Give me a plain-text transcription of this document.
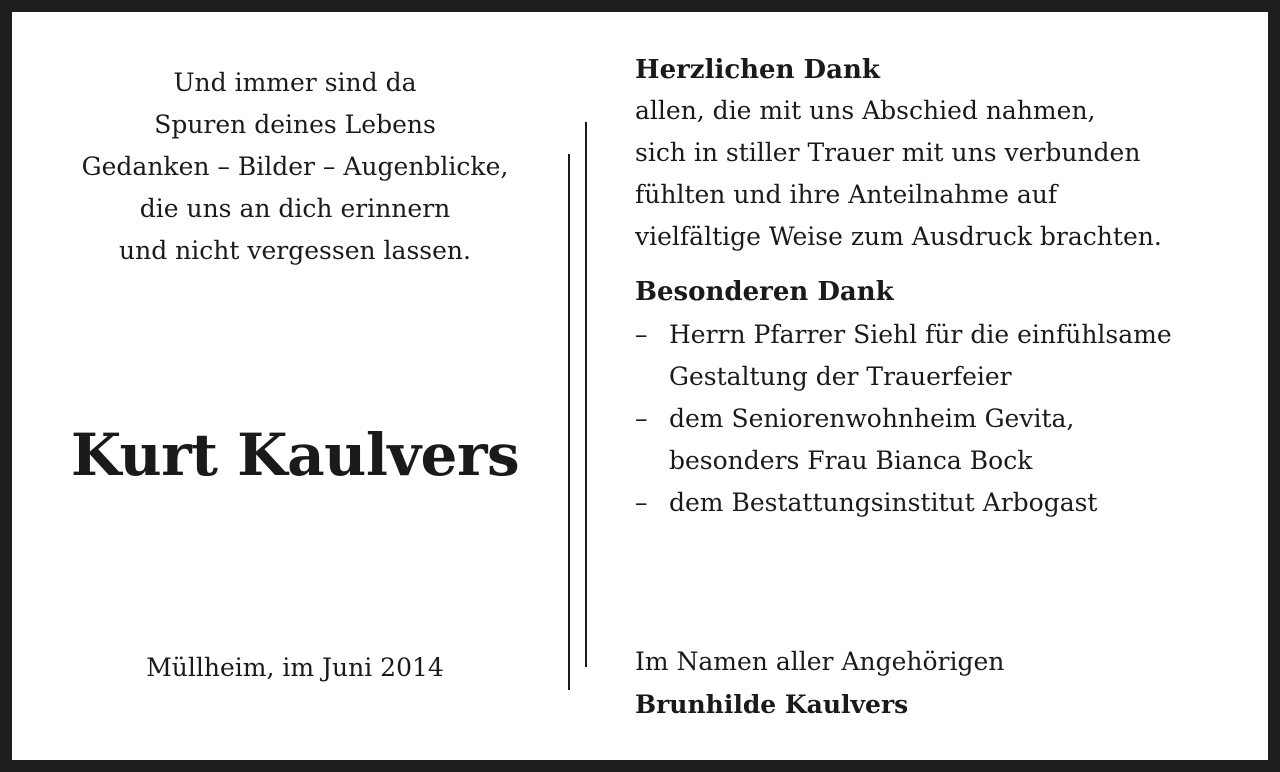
Und immer sind da
Spuren deines Lebens
Gedanken – Bilder – Augenblicke,
die uns an dich erinnern
und nicht vergessen lassen.
Kurt Kaulvers
Müllheim, im Juni 2014
Herzlichen Dank
allen, die mit uns Abschied nahmen,
sich in stiller Trauer mit uns verbunden
fühlten und ihre Anteilnahme auf
vielfältige Weise zum Ausdruck brachten.
Besonderen Dank
– Herrn Pfarrer Siehl für die einfühlsame
Gestaltung der Trauerfeier
– dem Seniorenwohnheim Gevita,
besonders Frau Bianca Bock
– dem Bestattungsinstitut Arbogast
Im Namen aller Angehörigen
Brunhilde Kaulvers
